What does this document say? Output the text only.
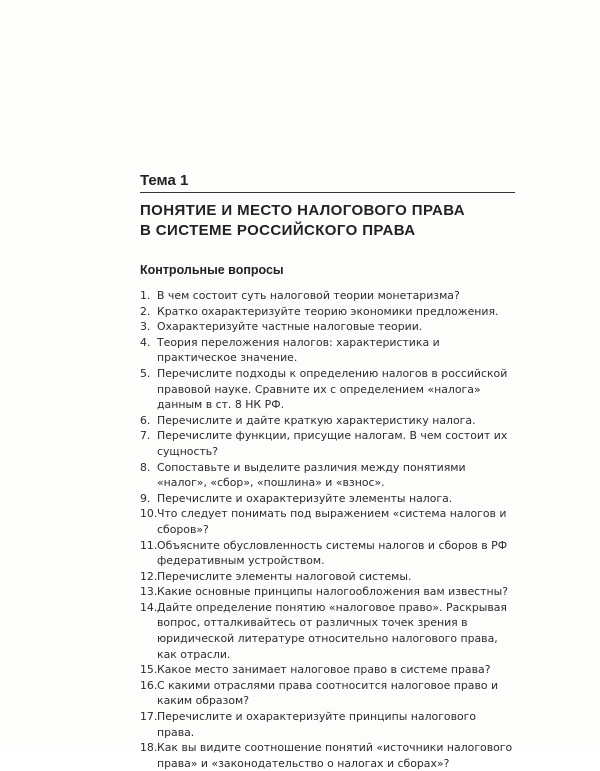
Тема 1
ПОНЯТИЕ И МЕСТО НАЛОГОВОГО ПРАВА
В СИСТЕМЕ РОССИЙСКОГО ПРАВА
Контрольные вопросы
1. В чем состоит суть налоговой теории монетаризма?
2. Кратко охарактеризуйте теорию экономики предложения.
3. Охарактеризуйте частные налоговые теории.
4. Теория переложения налогов: характеристика и практическое значение.
5. Перечислите подходы к определению налогов в российской правовой науке. Сравните их с определением «налога» данным в ст. 8 НК РФ.
6. Перечислите и дайте краткую характеристику налога.
7. Перечислите функции, присущие налогам. В чем состоит их сущность?
8. Сопоставьте и выделите различия между понятиями «налог», «сбор», «пошлина» и «взнос».
9. Перечислите и охарактеризуйте элементы налога.
10. Что следует понимать под выражением «система налогов и сборов»?
11. Объясните обусловленность системы налогов и сборов в РФ федеративным устройством.
12. Перечислите элементы налоговой системы.
13. Какие основные принципы налогообложения вам известны?
14. Дайте определение понятию «налоговое право». Раскрывая вопрос, отталкивайтесь от различных точек зрения в юридической литературе относительно налогового права, как отрасли.
15. Какое место занимает налоговое право в системе права?
16. С какими отраслями права соотносится налоговое право и каким образом?
17. Перечислите и охарактеризуйте принципы налогового права.
18. Как вы видите соотношение понятий «источники налогового права» и «законодательство о налогах и сборах»?
